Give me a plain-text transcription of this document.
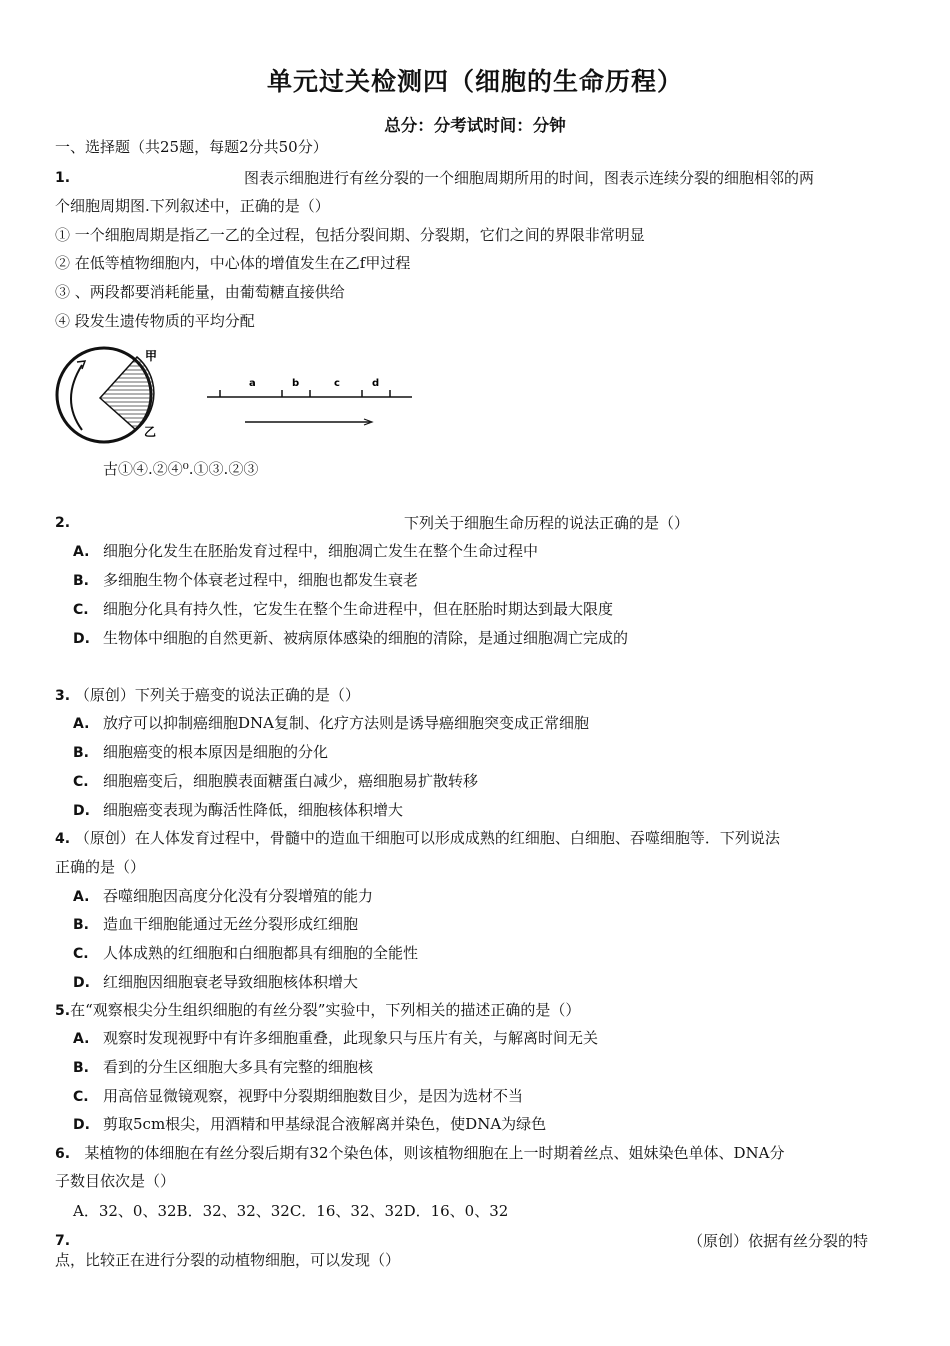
单元过关检测四（细胞的生命历程）
总分：分考试时间：分钟
一、选择题（共25题，每题2分共50分）
1.	图表示细胞进行有丝分裂的一个细胞周期所用的时间，图表示连续分裂的细胞相邻的两
个细胞周期图.下列叙述中，正确的是（）
① 一个细胞周期是指乙一乙的全过程，包括分裂间期、分裂期，它们之间的界限非常明显
② 在低等植物细胞内，中心体的增值发生在乙f甲过程
③ 、两段都要消耗能量，由葡萄糖直接供给
④ 段发生遗传物质的平均分配
甲
乙
a	b	c	d
古①④.②④⁰.①③.②③
2.	下列关于细胞生命历程的说法正确的是（）
A. 细胞分化发生在胚胎发育过程中，细胞凋亡发生在整个生命过程中
B. 多细胞生物个体衰老过程中，细胞也都发生衰老
C. 细胞分化具有持久性，它发生在整个生命进程中，但在胚胎时期达到最大限度
D. 生物体中细胞的自然更新、被病原体感染的细胞的清除，是通过细胞凋亡完成的
3. （原创）下列关于癌变的说法正确的是（）
A. 放疗可以抑制癌细胞DNA复制、化疗方法则是诱导癌细胞突变成正常细胞
B. 细胞癌变的根本原因是细胞的分化
C. 细胞癌变后，细胞膜表面糖蛋白减少，癌细胞易扩散转移
D. 细胞癌变表现为酶活性降低，细胞核体积增大
4. （原创）在人体发育过程中，骨髓中的造血干细胞可以形成成熟的红细胞、白细胞、吞噬细胞等．下列说法
正确的是（）
A. 吞噬细胞因高度分化没有分裂增殖的能力
B. 造血干细胞能通过无丝分裂形成红细胞
C. 人体成熟的红细胞和白细胞都具有细胞的全能性
D. 红细胞因细胞衰老导致细胞核体积增大
5.在“观察根尖分生组织细胞的有丝分裂”实验中，下列相关的描述正确的是（）
A. 观察时发现视野中有许多细胞重叠，此现象只与压片有关，与解离时间无关
B. 看到的分生区细胞大多具有完整的细胞核
C. 用高倍显微镜观察，视野中分裂期细胞数目少，是因为选材不当
D. 剪取5cm根尖，用酒精和甲基绿混合液解离并染色，使DNA为绿色
6. 某植物的体细胞在有丝分裂后期有32个染色体，则该植物细胞在上一时期着丝点、姐妹染色单体、DNA分
子数目依次是（）
A．32、0、32B．32、32、32C．16、32、32D．16、0、32
7.	（原创）依据有丝分裂的特
点，比较正在进行分裂的动植物细胞，可以发现（）
